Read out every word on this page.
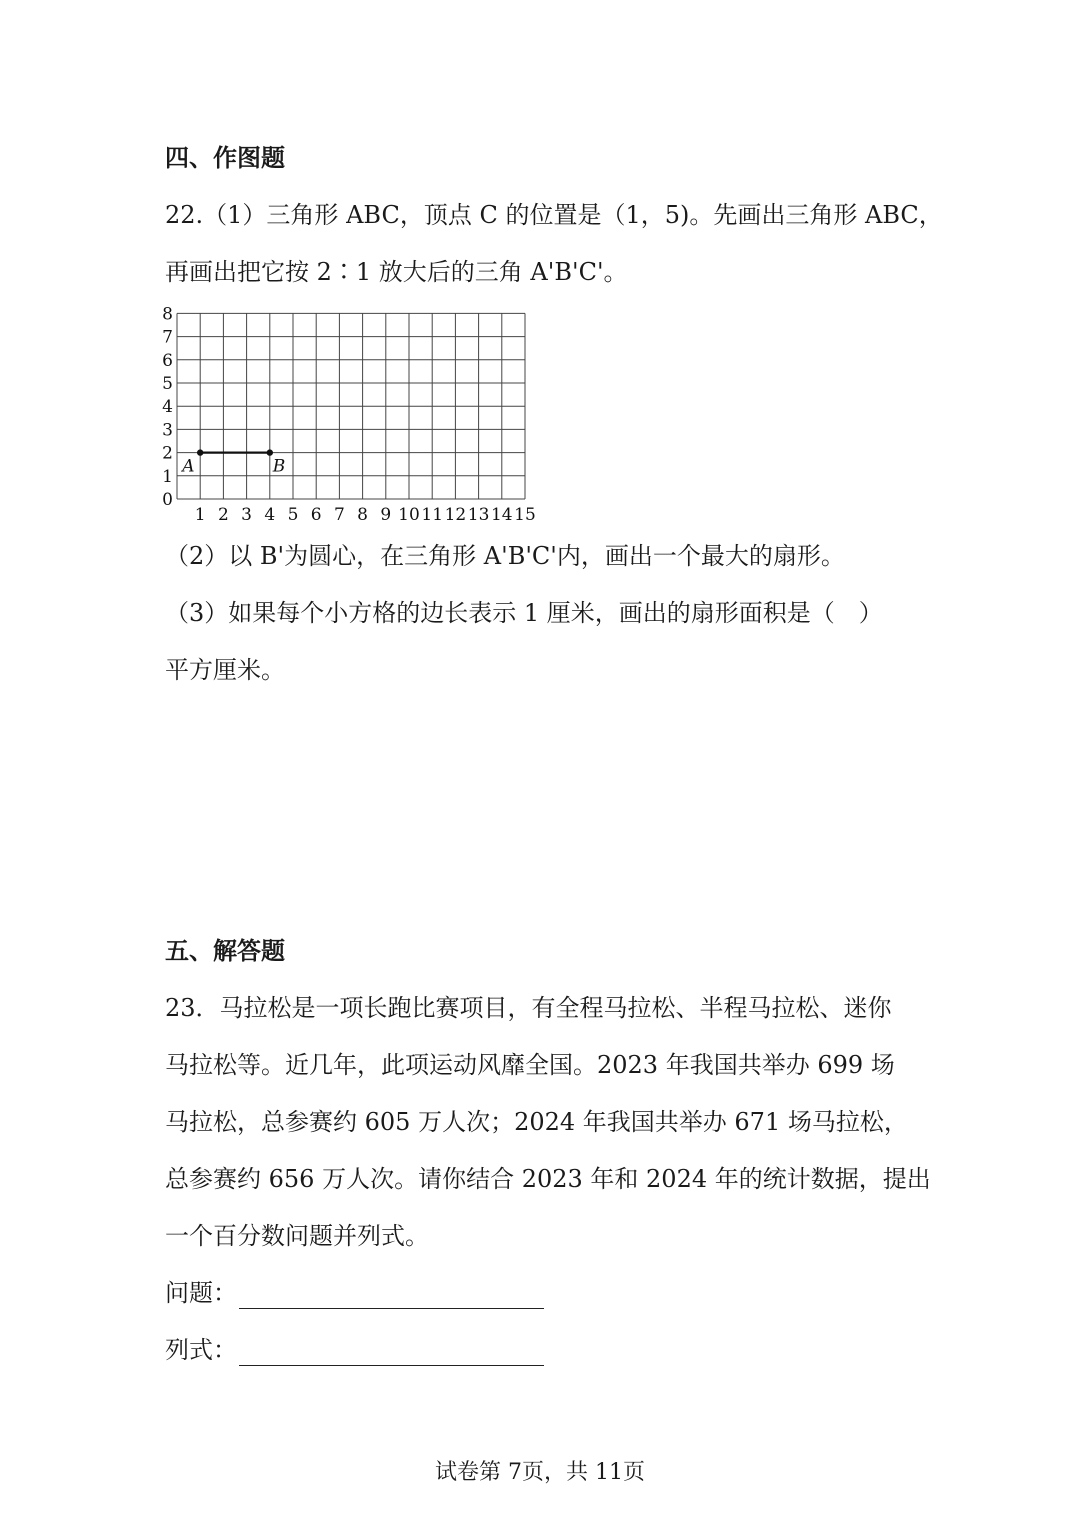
四、作图题
22.（1）三角形 ABC，顶点 C 的位置是（1，5)。先画出三角形 ABC，
再画出把它按 2∶1 放大后的三角 A'B'C'。
0
1
2
3
4
5
6
7
8
1 2 3 4 5 6 7 8 9 10 11 12 13 14 15
A	B
（2）以 B'为圆心，在三角形 A'B'C'内，画出一个最大的扇形。
（3）如果每个小方格的边长表示 1 厘米，画出的扇形面积是（　）
平方厘米。
五、解答题
23．马拉松是一项长跑比赛项目，有全程马拉松、半程马拉松、迷你
马拉松等。近几年，此项运动风靡全国。2023 年我国共举办 699 场
马拉松，总参赛约 605 万人次；2024 年我国共举办 671 场马拉松，
总参赛约 656 万人次。请你结合 2023 年和 2024 年的统计数据，提出
一个百分数问题并列式。
问题：
列式：
试卷第 7页，共 11页
